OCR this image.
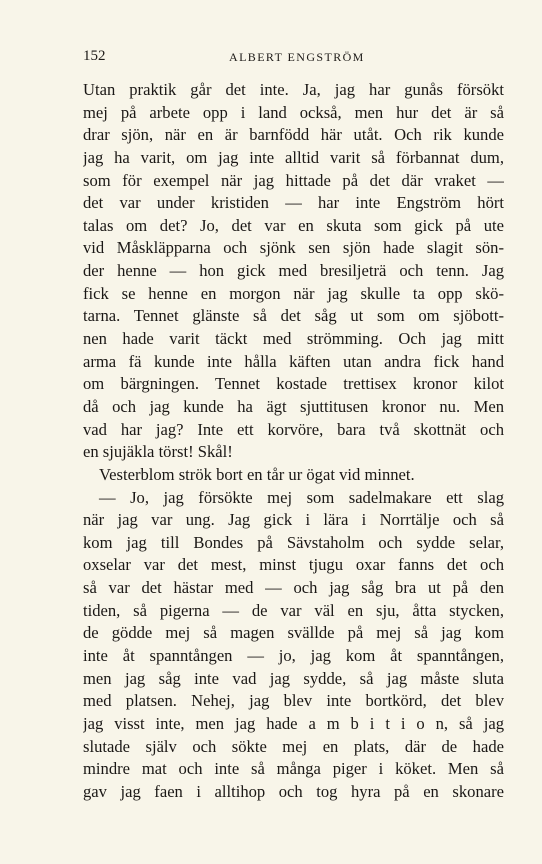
152	ALBERT ENGSTRÖM
Utan praktik går det inte. Ja, jag har gunås försökt
mej på arbete opp i land också, men hur det är så
drar sjön, när en är barnfödd här utåt. Och rik kunde
jag ha varit, om jag inte alltid varit så förbannat dum,
som för exempel när jag hittade på det där vraket —
det var under kristiden — har inte Engström hört
talas om det? Jo, det var en skuta som gick på ute
vid Måskläpparna och sjönk sen sjön hade slagit sön-
der henne — hon gick med bresiljeträ och tenn. Jag
fick se henne en morgon när jag skulle ta opp skö-
tarna. Tennet glänste så det såg ut som om sjöbott-
nen hade varit täckt med strömming. Och jag mitt
arma fä kunde inte hålla käften utan andra fick hand
om bärgningen. Tennet kostade trettisex kronor kilot
då och jag kunde ha ägt sjuttitusen kronor nu. Men
vad har jag? Inte ett korvöre, bara två skottnät och
en sjujäkla törst! Skål!
Vesterblom strök bort en tår ur ögat vid minnet.
— Jo, jag försökte mej som sadelmakare ett slag
när jag var ung. Jag gick i lära i Norrtälje och så
kom jag till Bondes på Sävstaholm och sydde selar,
oxselar var det mest, minst tjugu oxar fanns det och
så var det hästar med — och jag såg bra ut på den
tiden, så pigerna — de var väl en sju, åtta stycken,
de gödde mej så magen svällde på mej så jag kom
inte åt spanntången — jo, jag kom åt spanntången,
men jag såg inte vad jag sydde, så jag måste sluta
med platsen. Nehej, jag blev inte bortkörd, det blev
jag visst inte, men jag hade a m b i t i o n, så jag
slutade själv och sökte mej en plats, där de hade
mindre mat och inte så många piger i köket. Men så
gav jag faen i alltihop och tog hyra på en skonare
